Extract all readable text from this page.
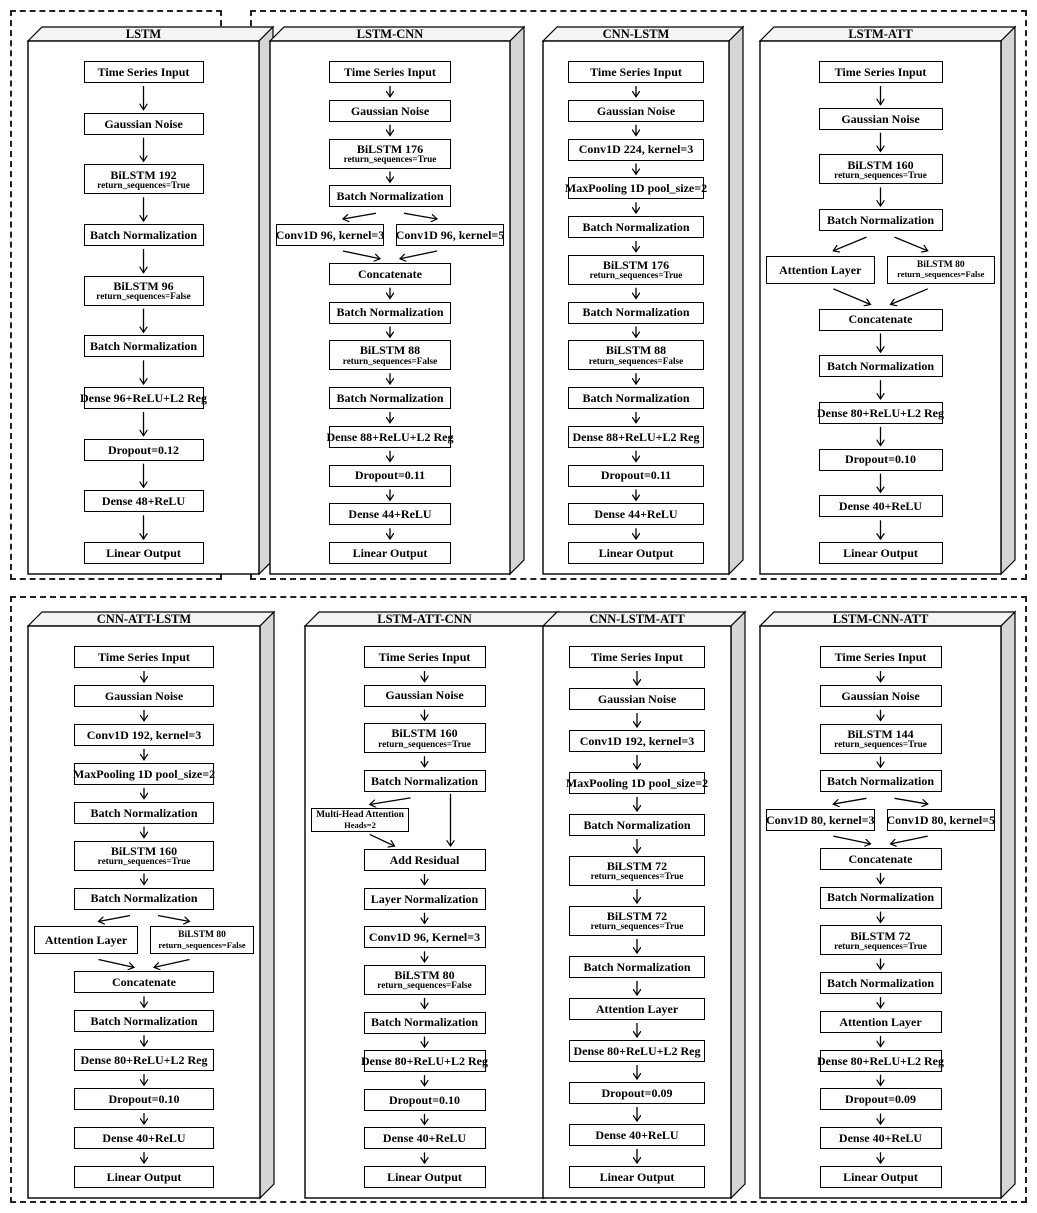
LSTM
Time Series Input
Gaussian Noise
BiLSTM 192
return_sequences=True
Batch Normalization
BiLSTM 96
return_sequences=False
Batch Normalization
Dense 96+ReLU+L2 Reg
Dropout=0.12
Dense 48+ReLU
Linear Output
LSTM-CNN
Time Series Input
Gaussian Noise
BiLSTM 176
return_sequences=True
Batch Normalization
Conv1D 96, kernel=3 Conv1D 96, kernel=5
Concatenate
Batch Normalization
BiLSTM 88
return_sequences=False
Batch Normalization
Dense 88+ReLU+L2 Reg
Dropout=0.11
Dense 44+ReLU
Linear Output
CNN-LSTM
Time Series Input
Gaussian Noise
Conv1D 224, kernel=3
MaxPooling 1D pool_size=2
Batch Normalization
BiLSTM 176
return_sequences=True
Batch Normalization
BiLSTM 88
return_sequences=False
Batch Normalization
Dense 88+ReLU+L2 Reg
Dropout=0.11
Dense 44+ReLU
Linear Output
LSTM-ATT
Time Series Input
Gaussian Noise
BiLSTM 160
return_sequences=True
Batch Normalization
Attention Layer	BiLSTM 80
return_sequences=False
Concatenate
Batch Normalization
Dense 80+ReLU+L2 Reg
Dropout=0.10
Dense 40+ReLU
Linear Output
CNN-ATT-LSTM
Time Series Input
Gaussian Noise
Conv1D 192, kernel=3
MaxPooling 1D pool_size=2
Batch Normalization
BiLSTM 160
return_sequences=True
Batch Normalization
Attention Layer	BiLSTM 80
return_sequences=False
Concatenate
Batch Normalization
Dense 80+ReLU+L2 Reg
Dropout=0.10
Dense 40+ReLU
Linear Output
LSTM-ATT-CNN
Time Series Input
Gaussian Noise
BiLSTM 160
return_sequences=True
Batch Normalization
Multi-Head Attention
Heads=2
Add Residual
Layer Normalization
Conv1D 96, Kernel=3
BiLSTM 80
return_sequences=False
Batch Normalization
Dense 80+ReLU+L2 Reg
Dropout=0.10
Dense 40+ReLU
Linear Output
CNN-LSTM-ATT
Time Series Input
Gaussian Noise
Conv1D 192, kernel=3
MaxPooling 1D pool_size=2
Batch Normalization
BiLSTM 72
return_sequences=True
BiLSTM 72
return_sequences=True
Batch Normalization
Attention Layer
Dense 80+ReLU+L2 Reg
Dropout=0.09
Dense 40+ReLU
Linear Output
LSTM-CNN-ATT
Time Series Input
Gaussian Noise
BiLSTM 144
return_sequences=True
Batch Normalization
Conv1D 80, kernel=3 Conv1D 80, kernel=5
Concatenate
Batch Normalization
BiLSTM 72
return_sequences=True
Batch Normalization
Attention Layer
Dense 80+ReLU+L2 Reg
Dropout=0.09
Dense 40+ReLU
Linear Output
